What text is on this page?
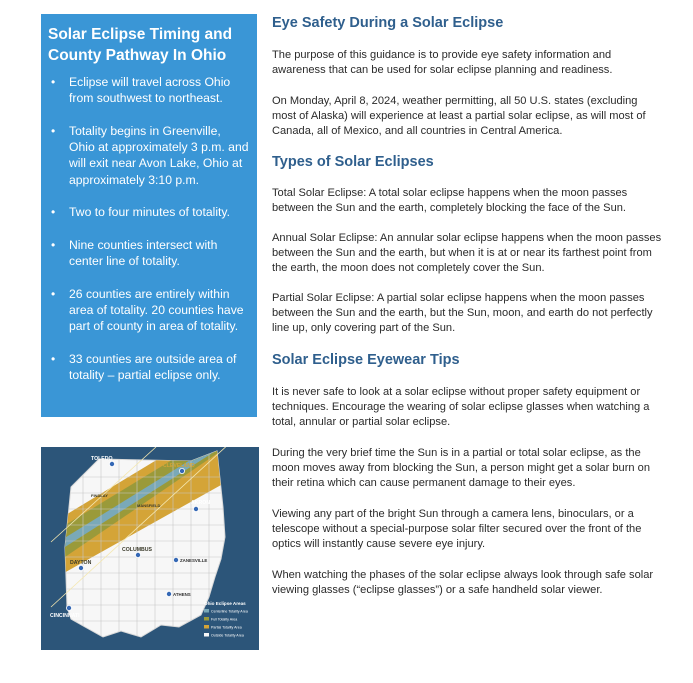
Solar Eclipse Timing and County Pathway In Ohio
• Eclipse will travel across Ohio from southwest to northeast.
• Totality begins in Greenville, Ohio at approximately 3 p.m. and will exit near Avon Lake, Ohio at approximately 3:10 p.m.
• Two to four minutes of totality.
• Nine counties intersect with center line of totality.
• 26 counties are entirely within area of totality. 20 counties have part of county in area of totality.
• 33 counties are outside area of totality – partial eclipse only.
Eye Safety During a Solar Eclipse

The purpose of this guidance is to provide eye safety information and awareness that can be used for solar eclipse planning and readiness.

On Monday, April 8, 2024, weather permitting, all 50 U.S. states (excluding most of Alaska) will experience at least a partial solar eclipse, as will most of Canada, all of Mexico, and all countries in Central America.

Types of Solar Eclipses

Total Solar Eclipse: A total solar eclipse happens when the moon passes between the Sun and the earth, completely blocking the face of the Sun.

Annual Solar Eclipse: An annular solar eclipse happens when the moon passes between the Sun and the earth, but when it is at or near its farthest point from the earth, the moon does not completely cover the Sun.

Partial Solar Eclipse: A partial solar eclipse happens when the moon passes between the Sun and the earth, but the Sun, moon, and earth do not perfectly line up, only covering part of the Sun.

Solar Eclipse Eyewear Tips

It is never safe to look at a solar eclipse without proper safety equipment or techniques. Encourage the wearing of solar eclipse glasses when watching a total, annular or partial solar eclipse.

During the very brief time the Sun is in a partial or total solar eclipse, as the moon moves away from blocking the Sun, a person might get a solar burn on their retina which can cause permanent damage to their eyes.

Viewing any part of the bright Sun through a camera lens, binoculars, or a telescope without a special-purpose solar filter secured over the front of the optics will instantly cause severe eye injury.

When watching the phases of the solar eclipse always look through safe solar viewing glasses (“eclipse glasses”) or a safe handheld solar viewer.

TOLEDO
CLEVELAND
AKRON
FINDLAY
MANSFIELD
COLUMBUS
ZANESVILLE
DAYTON
ATHENS
CINCINNATI
Ohio Eclipse Areas
Centerline Totality Area
Full Totality Area
Partial Totality Area
Outside Totality Area
